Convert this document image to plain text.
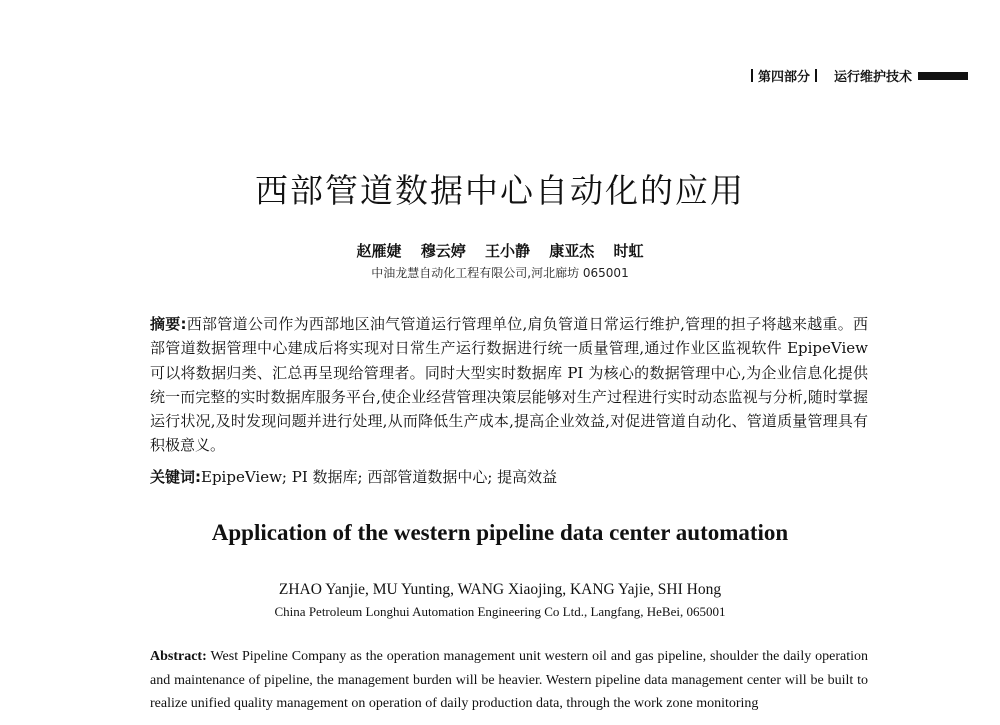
第四部分 运行维护技术
西部管道数据中心自动化的应用
赵雁婕 穆云婷 王小静 康亚杰 时虹
中油龙慧自动化工程有限公司,河北廊坊 065001

摘要:西部管道公司作为西部地区油气管道运行管理单位,肩负管道日常运行维护,管理的担子将越来越重。西部管道数据管理中心建成后将实现对日常生产运行数据进行统一质量管理,通过作业区监视软件 EpipeView 可以将数据归类、汇总再呈现给管理者。同时大型实时数据库 PI 为核心的数据管理中心,为企业信息化提供统一而完整的实时数据库服务平台,使企业经营管理决策层能够对生产过程进行实时动态监视与分析,随时掌握运行状况,及时发现问题并进行处理,从而降低生产成本,提高企业效益,对促进管道自动化、管道质量管理具有积极意义。

关键词:EpipeView; PI 数据库; 西部管道数据中心; 提高效益

Application of the western pipeline data center automation
ZHAO Yanjie, MU Yunting, WANG Xiaojing, KANG Yajie, SHI Hong
China Petroleum Longhui Automation Engineering Co Ltd., Langfang, HeBei, 065001

Abstract: West Pipeline Company as the operation management unit western oil and gas pipeline, shoulder the daily operation and maintenance of pipeline, the management burden will be heavier. Western pipeline data management center will be built to realize unified quality management on operation of daily production data, through the work zone monitoring
